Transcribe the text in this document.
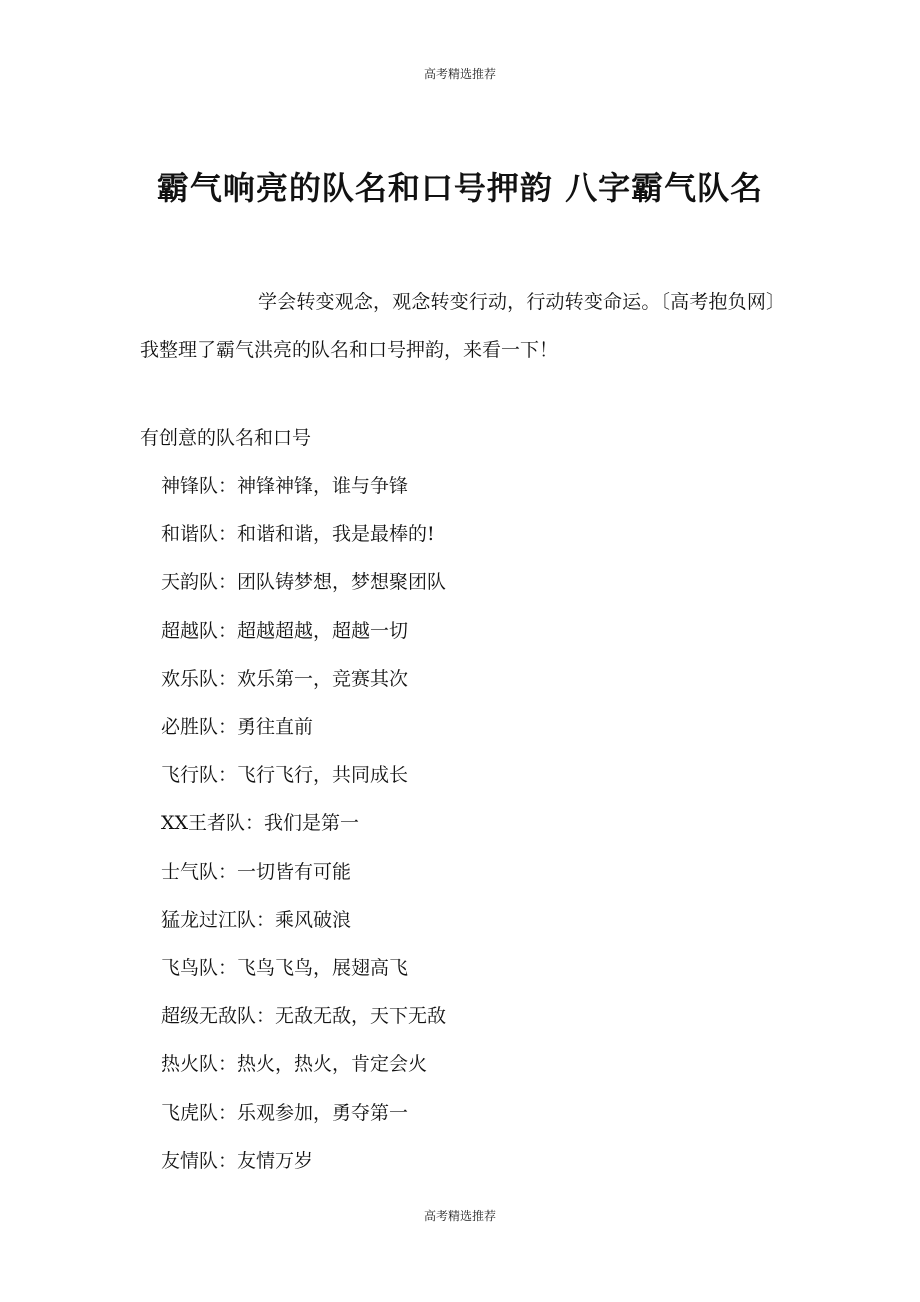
高考精选推荐
霸气响亮的队名和口号押韵 八字霸气队名

学会转变观念，观念转变行动，行动转变命运。〔高考抱负网〕我整理了霸气洪亮的队名和口号押韵，来看一下！

有创意的队名和口号

神锋队：神锋神锋，谁与争锋
和谐队：和谐和谐，我是最棒的!
天韵队：团队铸梦想，梦想聚团队
超越队：超越超越，超越一切
欢乐队：欢乐第一，竞赛其次
必胜队：勇往直前
飞行队：飞行飞行，共同成长
XX王者队：我们是第一
士气队：一切皆有可能
猛龙过江队：乘风破浪
飞鸟队：飞鸟飞鸟，展翅高飞
超级无敌队：无敌无敌，天下无敌
热火队：热火，热火，肯定会火
飞虎队：乐观参加，勇夺第一
友情队：友情万岁
高考精选推荐
